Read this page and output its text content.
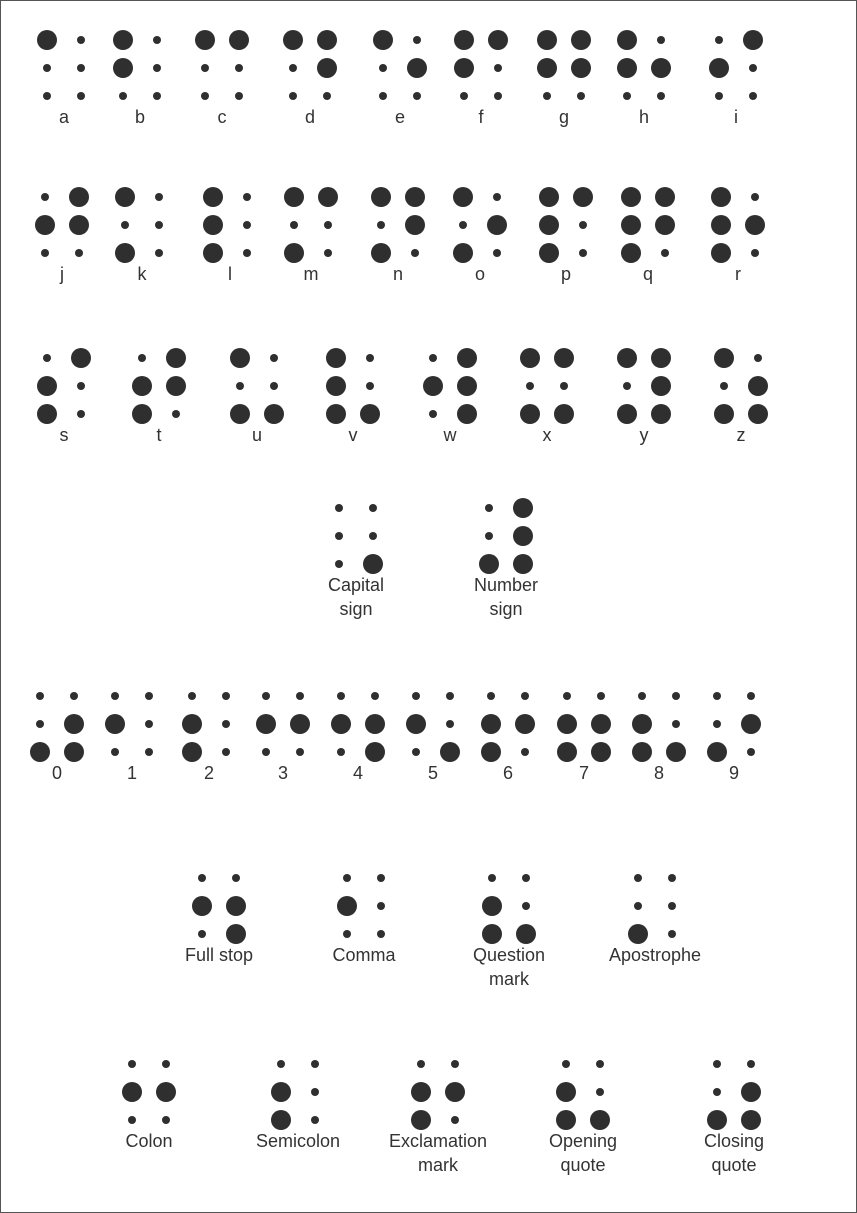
a	b	c	d	e	f	g	h	i
j	k	l	m	n	o	p	q	r
s	t	u	v	w	x	y	z
Capital
sign
Number
sign
0	1	2	3	4	5	6	7	8	9
Full stop	Comma	Question
mark
Apostrophe
Colon	Semicolon	Exclamation
mark
Opening
quote
Closing
quote
